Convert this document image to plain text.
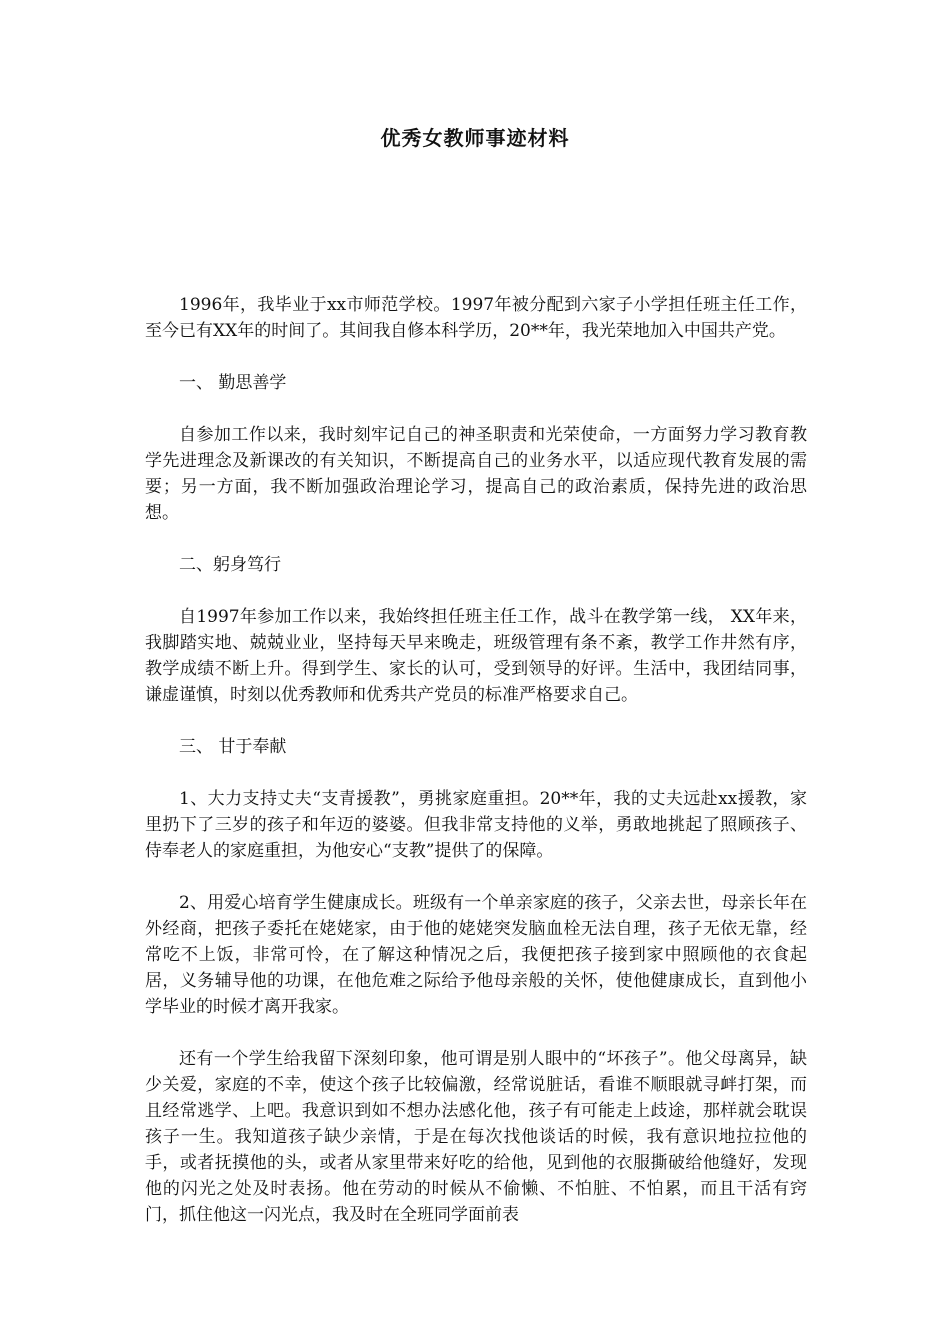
优秀女教师事迹材料

1996年，我毕业于xx市师范学校。1997年被分配到六家子小学担任班主任工作，至今已有XX年的时间了。其间我自修本科学历，20**年，我光荣地加入中国共产党。

一、 勤思善学

自参加工作以来，我时刻牢记自己的神圣职责和光荣使命，一方面努力学习教育教学先进理念及新课改的有关知识，不断提高自己的业务水平，以适应现代教育发展的需要；另一方面，我不断加强政治理论学习，提高自己的政治素质，保持先进的政治思想。

二、躬身笃行

自1997年参加工作以来，我始终担任班主任工作，战斗在教学第一线， XX年来，我脚踏实地、兢兢业业，坚持每天早来晚走，班级管理有条不紊，教学工作井然有序，教学成绩不断上升。得到学生、家长的认可，受到领导的好评。生活中，我团结同事，谦虚谨慎，时刻以优秀教师和优秀共产党员的标准严格要求自己。

三、 甘于奉献

1、大力支持丈夫“支青援教”，勇挑家庭重担。20**年，我的丈夫远赴xx援教，家里扔下了三岁的孩子和年迈的婆婆。但我非常支持他的义举，勇敢地挑起了照顾孩子、侍奉老人的家庭重担，为他安心“支教”提供了的保障。

2、用爱心培育学生健康成长。班级有一个单亲家庭的孩子，父亲去世，母亲长年在外经商，把孩子委托在姥姥家，由于他的姥姥突发脑血栓无法自理，孩子无依无靠，经常吃不上饭，非常可怜，在了解这种情况之后，我便把孩子接到家中照顾他的衣食起居，义务辅导他的功课，在他危难之际给予他母亲般的关怀，使他健康成长，直到他小学毕业的时候才离开我家。

还有一个学生给我留下深刻印象，他可谓是别人眼中的“坏孩子”。他父母离异，缺少关爱，家庭的不幸，使这个孩子比较偏激，经常说脏话，看谁不顺眼就寻衅打架，而且经常逃学、上吧。我意识到如不想办法感化他，孩子有可能走上歧途，那样就会耽误孩子一生。我知道孩子缺少亲情，于是在每次找他谈话的时候，我有意识地拉拉他的手，或者抚摸他的头，或者从家里带来好吃的给他，见到他的衣服撕破给他缝好，发现他的闪光之处及时表扬。他在劳动的时候从不偷懒、不怕脏、不怕累，而且干活有窍门，抓住他这一闪光点，我及时在全班同学面前表
